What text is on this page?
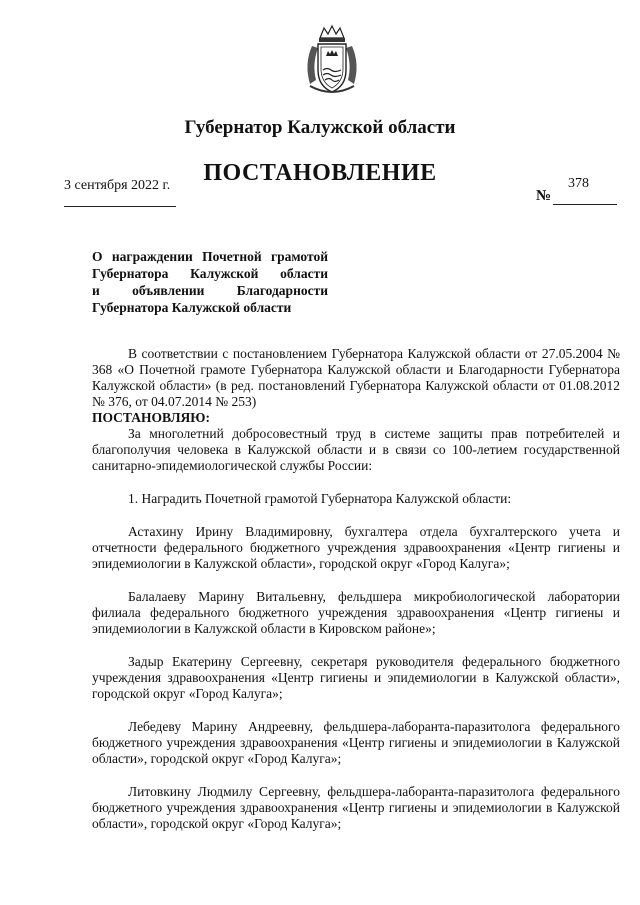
Губернатор Калужской области
ПОСТАНОВЛЕНИЕ
3 сентября 2022 г.	378
№
О награждении Почетной грамотой
Губернатора Калужской области
и объявлении Благодарности
Губернатора Калужской области

В соответствии с постановлением Губернатора Калужской области от 27.05.2004 № 368 «О Почетной грамоте Губернатора Калужской области и Благодарности Губернатора Калужской области» (в ред. постановлений Губернатора Калужской области от 01.08.2012 № 376, от 04.07.2014 № 253)

ПОСТАНОВЛЯЮ:

За многолетний добросовестный труд в системе защиты прав потребителей и благополучия человека в Калужской области и в связи со 100-летием государственной санитарно-эпидемиологической службы России:

1. Наградить Почетной грамотой Губернатора Калужской области:

Астахину Ирину Владимировну, бухгалтера отдела бухгалтерского учета и отчетности федерального бюджетного учреждения здравоохранения «Центр гигиены и эпидемиологии в Калужской области», городской округ «Город Калуга»;

Балалаеву Марину Витальевну, фельдшера микробиологической лаборатории филиала федерального бюджетного учреждения здравоохранения «Центр гигиены и эпидемиологии в Калужской области в Кировском районе»;

Задыр Екатерину Сергеевну, секретаря руководителя федерального бюджетного учреждения здравоохранения «Центр гигиены и эпидемиологии в Калужской области», городской округ «Город Калуга»;

Лебедеву Марину Андреевну, фельдшера-лаборанта-паразитолога федерального бюджетного учреждения здравоохранения «Центр гигиены и эпидемиологии в Калужской области», городской округ «Город Калуга»;

Литовкину Людмилу Сергеевну, фельдшера-лаборанта-паразитолога федерального бюджетного учреждения здравоохранения «Центр гигиены и эпидемиологии в Калужской области», городской округ «Город Калуга»;
